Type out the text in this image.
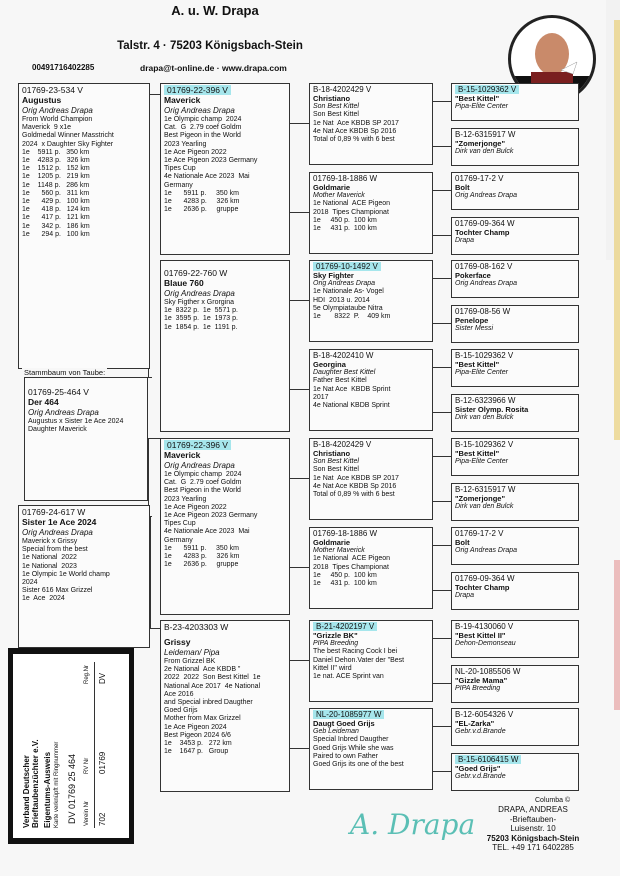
A. u. W. Drapa
Talstr. 4 · 75203 Königsbach-Stein
00491716402285	drapa@t-online.de · www.drapa.com
01769-23-534 V
Augustus
Orig Andreas Drapa
From World Champion
Maverick  9 x1e
Goldmedal Winner Masstricht
2024  x Daughter Sky Fighter
1e    5911 p.   350 km
1e    4283 p.   326 km
1e    1512 p.   152 km
1e    1205 p.   219 km
1e    1148 p.   286 km
1e      560 p.   311 km
1e      429 p.   100 km
1e      418 p.   124 km
1e      417 p.   121 km
1e      342 p.   186 km
1e      294 p.   100 km
Stammbaum von Taube:
01769-25-464 V
Der 464
Orig Andreas Drapa
Augustus x Sister 1e Ace 2024
Daughter Maverick
01769-24-617 W
Sister 1e Ace 2024
Orig Andreas Drapa
Maverick x Grissy
Special from the best
1e National  2022
1e National  2023
1e Olympic 1e World champ
2024
Sister 616 Max Grizzel
1e  Ace  2024
01769-22-396 V
Maverick
Orig Andreas Drapa
1e Olympic champ  2024
Cat.  G  2.79 coef Goldm
Best Pigeon in the World
2023 Yearling
1e Ace Pigeon 2022
1e Ace Pigeon 2023 Germany
Tipes Cup
4e Nationale Ace 2023  Mai
Germany
1e      5911 p.     350 km
1e      4283 p.     326 km
1e      2636 p.     gruppe
01769-22-760 W
Blaue 760
Orig Andreas Drapa
Sky Figther x Grorgina
1e  8322 p.  1e  5571 p.
1e  3595 p.  1e  1973 p.
1e  1854 p.  1e  1191 p.
01769-22-396 V
Maverick
Orig Andreas Drapa
1e Olympic champ  2024
Cat.  G  2.79 coef Goldm
Best Pigeon in the World
2023 Yearling
1e Ace Pigeon 2022
1e Ace Pigeon 2023 Germany
Tipes Cup
4e Nationale Ace 2023  Mai
Germany
1e      5911 p.     350 km
1e      4283 p.     326 km
1e      2636 p.     gruppe
B-23-4203303 W
Grissy
Leideman/ Pipa
From Grizzel BK
2e National  Ace KBDB "
2022  2022  Son Best Kittel  1e
National Ace 2017  4e National
Ace 2016
and Special inbred Daugther
Goed Grijs
Mother from Max Grizzel
1e Ace Pigeon 2024
Best Pigeon 2024 6/6
1e    3453 p.   272 km
1e    1647 p.   Group
B-18-4202429 V
Christiano
Son Best Kittel
Son Best Kittel
1e Nat  Ace KBDB SP 2017
4e Nat Ace KBDB Sp 2016
Total of 0,89 % with 6 best
01769-18-1886 W
Goldmarie
Mother Maverick
1e National  ACE Pigeon
2018  Tipes Championat
1e     450 p.  100 km
1e     431 p.  100 km
01769-10-1492 V
Sky Fighter
Orig Andreas Drapa
1e Nationale As- Vogel
HDI  2013 u. 2014
5e Olympiataube Nitra
1e       8322  P.    409 km
B-18-4202410 W
Georgina
Daughter Best Kittel
Father Best Kittel
1e Nat Ace  KBDB Sprint
2017
4e National KBDB Sprint
B-18-4202429 V
Christiano
Son Best Kittel
Son Best Kittel
1e Nat  Ace KBDB SP 2017
4e Nat Ace KBDB Sp 2016
Total of 0,89 % with 6 best
01769-18-1886 W
Goldmarie
Mother Maverick
1e National  ACE Pigeon
2018  Tipes Championat
1e     450 p.  100 km
1e     431 p.  100 km
B-21-4202197 V
"Grizzle BK"
PIPA Breeding
The best Racing Cock I bei
Daniel Dehon.Vater der "Best
Kittel II" wird
1e nat. ACE Sprint van
NL-20-1085977 W
Daugt Goed Grijs
Geb Leideman
Special Inbred Daugther
Goed Grijs While she was
Paired to own Father
Goed Grijs its one of the best
B-15-1029362 V
"Best Kittel"
Pipa-Elite Center
B-12-6315917 W
"Zomerjonge"
Dirk van den Bulck
01769-17-2 V
Bolt
Orig Andreas Drapa
01769-09-364 W
Tochter Champ
Drapa
01769-08-162 V
Pokerface
Orig Andreas Drapa
01769-08-56 W
Penelope
Sister Messi
B-15-1029362 V
"Best Kittel"
Pipa-Elite Center
B-12-6323966 W
Sister Olymp. Rosita
Dirk van den Bulck
B-15-1029362 V
"Best Kittel"
Pipa-Elite Center
B-12-6315917 W
"Zomerjonge"
Dirk van den Bulck
01769-17-2 V
Bolt
Orig Andreas Drapa
01769-09-364 W
Tochter Champ
Drapa
B-19-4130060 V
"Best Kittel II"
Dehon-Demonseau
NL-20-1085506 W
"Gizzle Mama"
PIPA Breeding
B-12-6054326 V
"EL-Zarka"
Gebr.v.d.Brande
B-15-6106415 W
"Goed Grijs"
Gebr.v.d.Brande
Verband Deutscher Brieftaubenzüchter e.V. Eigentums-Ausweis Karte verknüpft mit Ringnummer DV 01769 25 464
Reg.Nr DV
RV Nr 01769
Verein Nr 702
Columba ©
DRAPA, ANDREAS
-Brieftauben-
Luisenstr. 10
75203 Königsbach-Stein
TEL. +49 171 6402285
A. Drapa
